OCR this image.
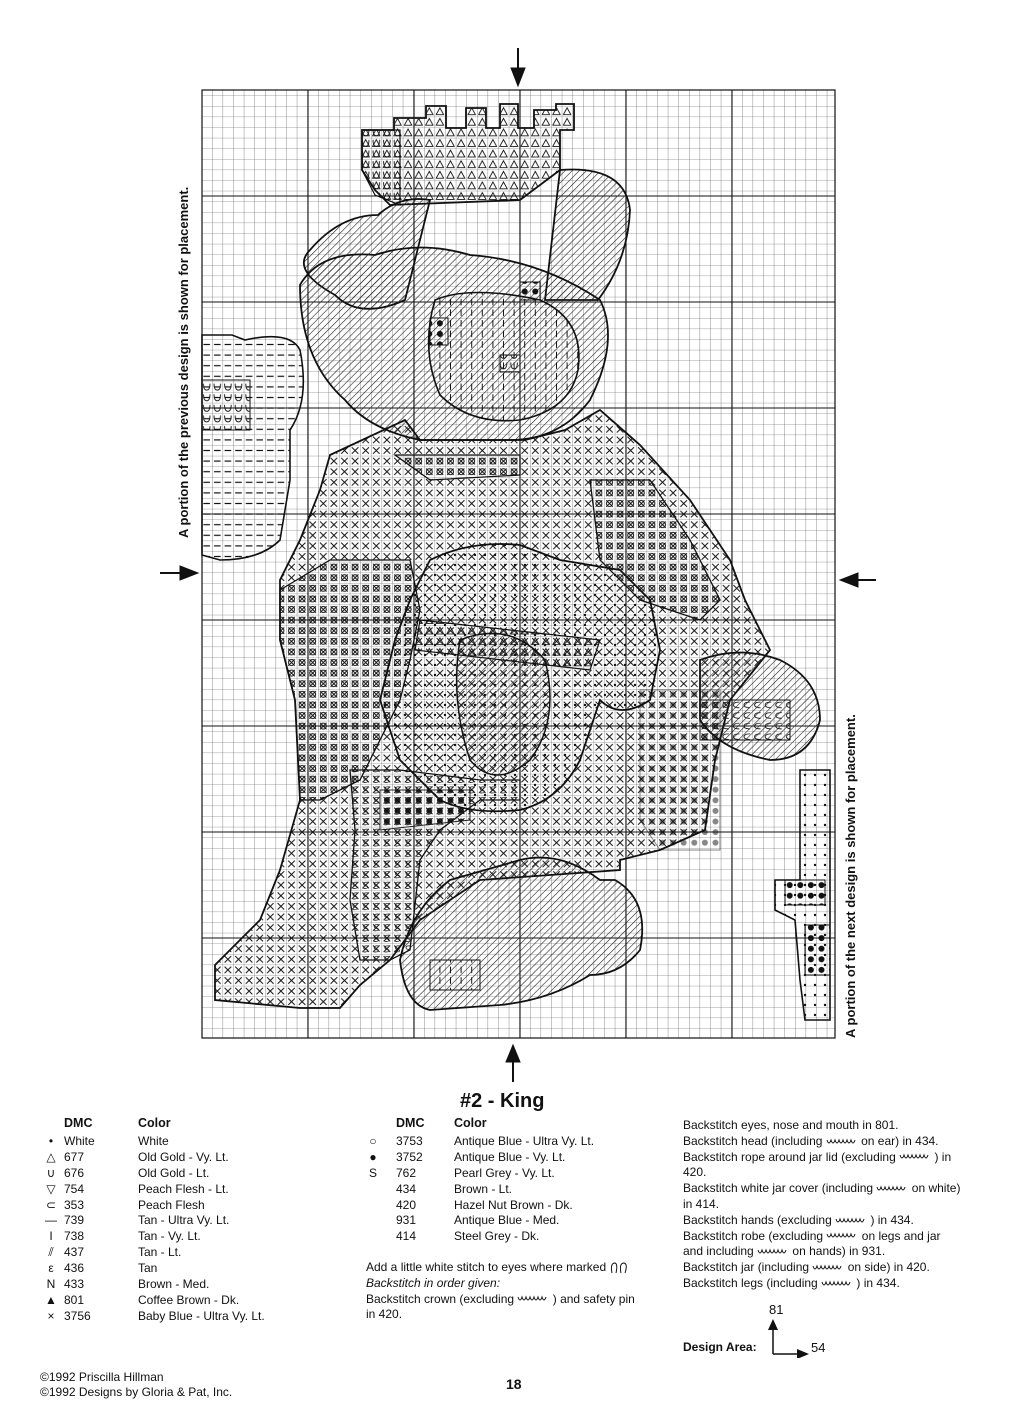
A portion of the previous design is shown for placement.
A portion of the next design is shown for placement.
#2 - King
DMC	Color
• White	White
△ 677	Old Gold - Vy. Lt.
∪ 676	Old Gold - Lt.
▽ 754	Peach Flesh - Lt.
⊂ 353	Peach Flesh
— 739	Tan - Ultra Vy. Lt.
I 738	Tan - Vy. Lt.
⫽ 437	Tan - Lt.
ε 436	Tan
N 433	Brown - Med.
▲ 801	Coffee Brown - Dk.
× 3756	Baby Blue - Ultra Vy. Lt.
DMC Color
○ 3753	Antique Blue - Ultra Vy. Lt.
● 3752	Antique Blue - Vy. Lt.
S 762	Pearl Grey - Vy. Lt.
434	Brown - Lt.
420	Hazel Nut Brown - Dk.
931	Antique Blue - Med.
414	Steel Grey - Dk.
Add a little white stitch to eyes where marked
Backstitch in order given:
Backstitch crown (excluding	) and safety pin
in 420.
Backstitch eyes, nose and mouth in 801.
Backstitch head (including	on ear) in 434.
Backstitch rope around jar lid (excluding	) in
420.
Backstitch white jar cover (including	on white)
in 414.
Backstitch hands (excluding	) in 434.
Backstitch robe (excluding	on legs and jar
and including	on hands) in 931.
Backstitch jar (including	on side) in 420.
Backstitch legs (including	) in 434.
81
Design Area:	54
©1992 Priscilla Hillman
©1992 Designs by Gloria & Pat, Inc.	18
